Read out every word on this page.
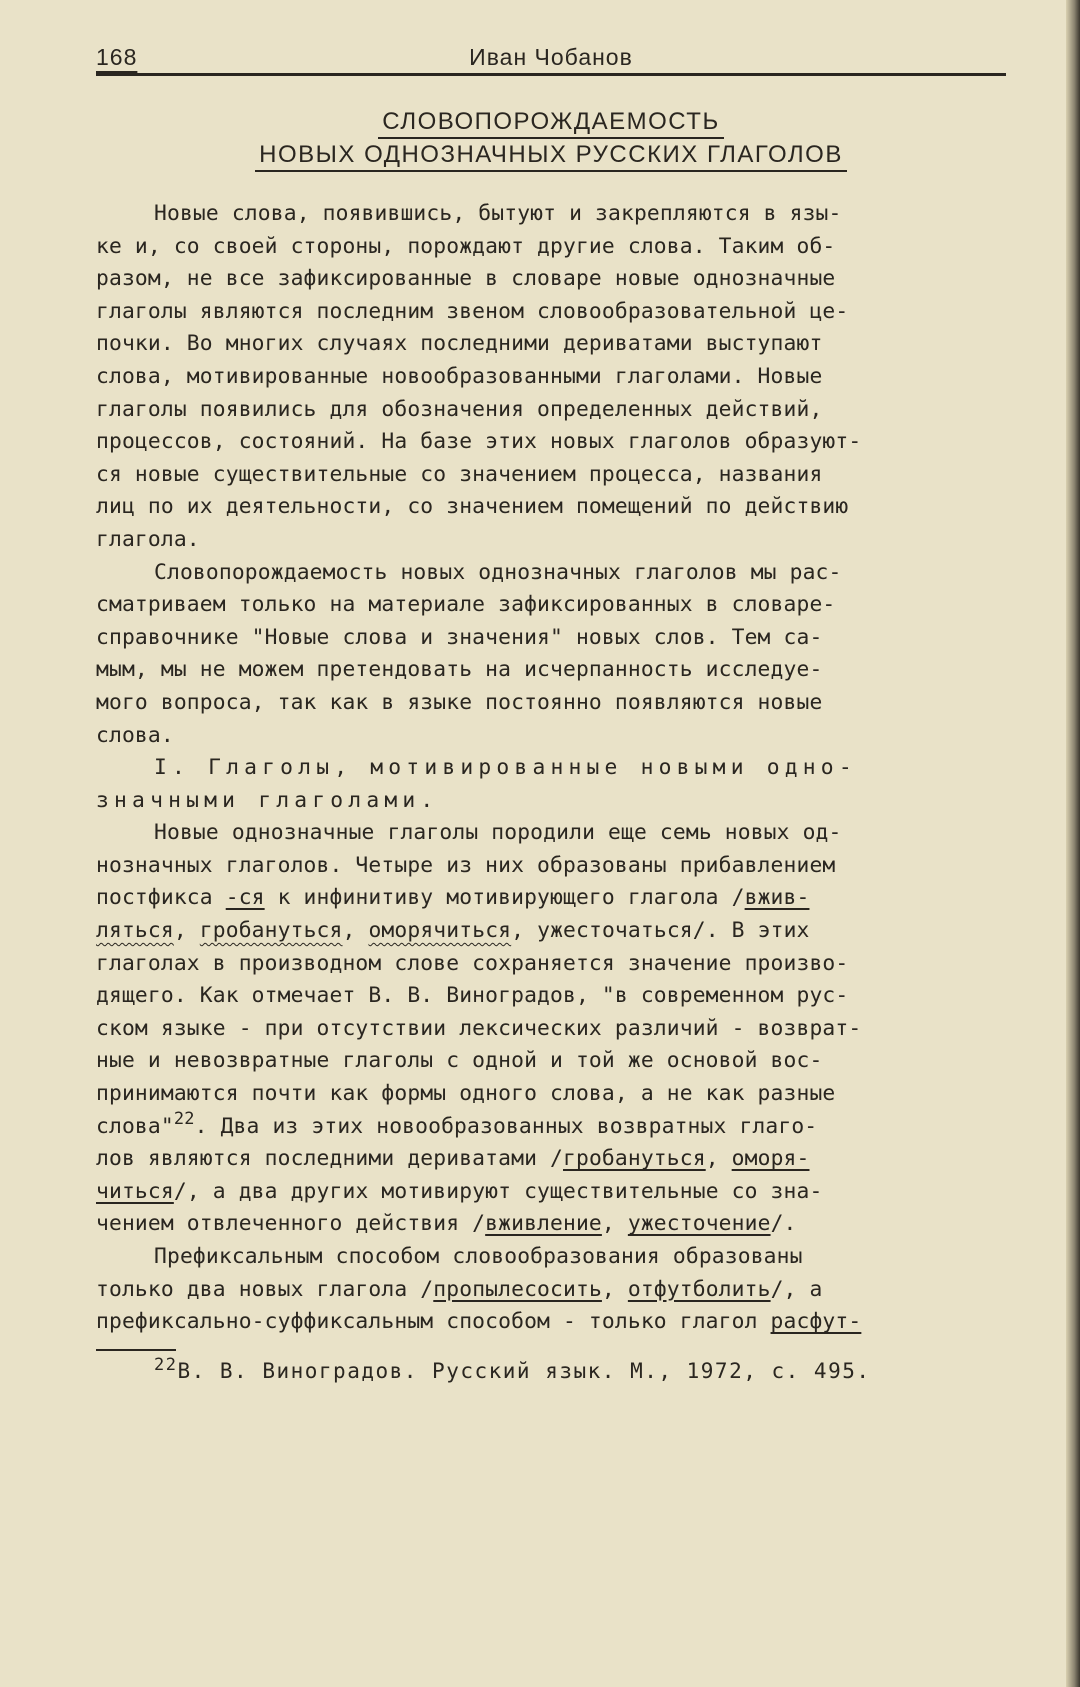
168	Иван Чобанов
СЛОВОПОРОЖДАЕМОСТЬ
НОВЫХ ОДНОЗНАЧНЫХ РУССКИХ ГЛАГОЛОВ
Новые слова, появившись, бытуют и закрепляются в язы-
ке и, со своей стороны, порождают другие слова. Таким об-
разом, не все зафиксированные в словаре новые однозначные
глаголы являются последним звеном словообразовательной це-
почки. Во многих случаях последними дериватами выступают
слова, мотивированные новообразованными глаголами. Новые
глаголы появились для обозначения определенных действий,
процессов, состояний. На базе этих новых глаголов образуют-
ся новые существительные со значением процесса, названия
лиц по их деятельности, со значением помещений по действию
глагола.
Словопорождаемость новых однозначных глаголов мы рас-
сматриваем только на материале зафиксированных в словаре-
справочнике "Новые слова и значения" новых слов. Тем са-
мым, мы не можем претендовать на исчерпанность исследуе-
мого вопроса, так как в языке постоянно появляются новые
слова.
I. Глаголы, мотивированные новыми одно-
значными глаголами.
Новые однозначные глаголы породили еще семь новых од-
нозначных глаголов. Четыре из них образованы прибавлением
постфикса -ся к инфинитиву мотивирующего глагола /вжив-
ляться, гробануться, оморячиться, ужесточаться/. В этих
глаголах в производном слове сохраняется значение произво-
дящего. Как отмечает В. В. Виноградов, "в современном рус-
ском языке - при отсутствии лексических различий - возврат-
ные и невозвратные глаголы с одной и той же основой вос-
принимаются почти как формы одного слова, а не как разные
слова"$^{22}$. Два из этих новообразованных возвратных глаго-
лов являются последними дериватами /гробануться, оморя-
читься/, а два других мотивируют существительные со зна-
чением отвлеченного действия /вживление, ужесточение/.
Префиксальным способом словообразования образованы
только два новых глагола /пропылесосить, отфутболить/, а
префиксально-суффиксальным способом - только глагол расфут-
$^{22}$В. В. Виноградов. Русский язык. М., 1972, с. 495.
